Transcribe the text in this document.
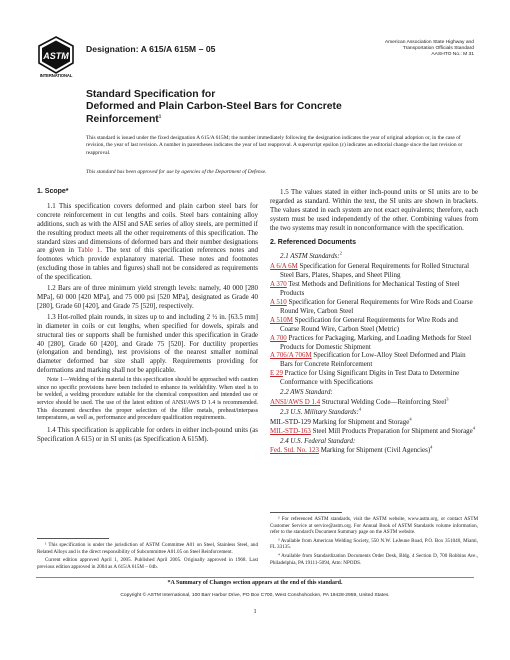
ASTM
INTERNATIONAL
Designation: A 615/A 615M – 05
American Association State Highway and
Transportation Officials Standard
AASHTO No.: M 31
Standard Specification for
Deformed and Plain Carbon-Steel Bars for Concrete
Reinforcement$^1$
This standard is issued under the fixed designation A 615/A 615M; the number immediately following the designation indicates the year of original adoption or, in the case of revision, the year of last revision. A number in parentheses indicates the year of last reapproval. A superscript epsilon (ε) indicates an editorial change since the last revision or reapproval.
This standard has been approved for use by agencies of the Department of Defense.
1. Scope*
1.1 This specification covers deformed and plain carbon steel bars for concrete reinforcement in cut lengths and coils. Steel bars containing alloy additions, such as with the AISI and SAE series of alloy steels, are permitted if the resulting product meets all the other requirements of this specification. The standard sizes and dimensions of deformed bars and their number designations are given in Table 1. The text of this specification references notes and footnotes which provide explanatory material. These notes and footnotes (excluding those in tables and figures) shall not be considered as requirements of the specification.
1.2 Bars are of three minimum yield strength levels: namely, 40 000 [280 MPa], 60 000 [420 MPa], and 75 000 psi [520 MPa], designated as Grade 40 [280], Grade 60 [420], and Grade 75 [520], respectively.
1.3 Hot-rolled plain rounds, in sizes up to and including 2 ½ in. [63.5 mm] in diameter in coils or cut lengths, when specified for dowels, spirals and structural ties or supports shall be furnished under this specification in Grade 40 [280], Grade 60 [420], and Grade 75 [520]. For ductility properties (elongation and bending), test provisions of the nearest smaller nominal diameter deformed bar size shall apply. Requirements providing for deformations and marking shall not be applicable.
Note 1—Welding of the material in this specification should be approached with caution since no specific provisions have been included to enhance its weldability. When steel is to be welded, a welding procedure suitable for the chemical composition and intended use or service should be used. The use of the latest edition of ANSI/AWS D 1.4 is recommended. This document describes the proper selection of the filler metals, preheat/interpass temperatures, as well as, performance and procedure qualification requirements.
1.4 This specification is applicable for orders in either inch-pound units (as Specification A 615) or in SI units (as Specification A 615M).
1.5 The values stated in either inch-pound units or SI units are to be regarded as standard. Within the text, the SI units are shown in brackets. The values stated in each system are not exact equivalents; therefore, each system must be used independently of the other. Combining values from the two systems may result in nonconformance with the specification.
2. Referenced Documents
2.1 ASTM Standards:$^2$
A 6/A 6M Specification for General Requirements for Rolled Structural Steel Bars, Plates, Shapes, and Sheet Piling
A 370 Test Methods and Definitions for Mechanical Testing of Steel Products
A 510 Specification for General Requirements for Wire Rods and Coarse Round Wire, Carbon Steel
A 510M Specification for General Requirements for Wire Rods and Coarse Round Wire, Carbon Steel (Metric)
A 700 Practices for Packaging, Marking, and Loading Methods for Steel Products for Domestic Shipment
A 706/A 706M Specification for Low-Alloy Steel Deformed and Plain Bars for Concrete Reinforcement
E 29 Practice for Using Significant Digits in Test Data to Determine Conformance with Specifications
2.2 AWS Standard:
ANSI/AWS D 1.4 Structural Welding Code—Reinforcing Steel$^3$
2.3 U.S. Military Standards:$^4$
MIL-STD-129 Marking for Shipment and Storage$^4$
MIL-STD-163 Steel Mill Products Preparation for Shipment and Storage$^4$
2.4 U.S. Federal Standard:
Fed. Std. No. 123 Marking for Shipment (Civil Agencies)$^4$
¹ This specification is under the jurisdiction of ASTM Committee A01 on Steel, Stainless Steel, and Related Alloys and is the direct responsibility of Subcommittee A01.05 on Steel Reinforcement.
Current edition approved April 1, 2005. Published April 2005. Originally approved in 1968. Last previous edition approved in 2004 as A 615/A 615M – 04b.
² For referenced ASTM standards, visit the ASTM website, www.astm.org, or contact ASTM Customer Service at service@astm.org. For Annual Book of ASTM Standards volume information, refer to the standard's Document Summary page on the ASTM website.
³ Available from American Welding Society, 550 N.W. LeJeune Road, P.O. Box 351040, Miami, FL 33135.
⁴ Available from Standardization Documents Order Desk, Bldg. 4 Section D, 700 Robbins Ave., Philadelphia, PA 19111-5094, Attn: NPODS.
*A Summary of Changes section appears at the end of this standard.
Copyright © ASTM International, 100 Barr Harbor Drive, PO Box C700, West Conshohocken, PA 19428-2959, United States.
1
